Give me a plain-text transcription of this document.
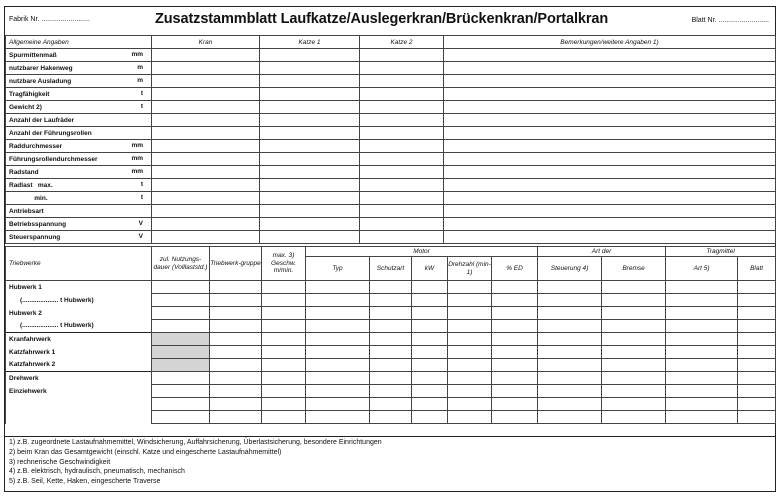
Fabrik Nr. .........................	Zusatzstammblatt Laufkatze/Auslegerkran/Brückenkran/Portalkran	Blatt Nr. ..........................
Allgemeine Angaben	Kran	Katze 1	Katze 2	Bemerkungen/weitere Angaben 1)
Spurmittenmaß mm				

nutzbarer Hakenweg m				

nutzbare Ausladung m				

Tragfähigkeit t				

Gewicht 2) t				

Anzahl der Laufräder

Anzahl der Führungsrollen

Raddurchmesser mm				

Führungsrollendurchmesser mm				

Radstand mm				

Radlast   max. t				

min. t				

Antriebsart

Betriebsspannung V				

Steuerspannung V				

Triebwerke	zul. Nutzungs-dauer (Volllaststd.)	Triebwerk-gruppe	max. 3) Geschw. m/min.	Motor					Art der		Tragmittel	
				Typ	Schutzart	kW	Drehzahl (min-1)	% ED	Steuerung 4)	Bremse	Art 5)	Blatt
Hubwerk 1												
(.................... t Hubwerk)												
Hubwerk 2												
(.................... t Hubwerk)												
Kranfahrwerk												
Katzfahrwerk 1												
Katzfahrwerk 2												
Drehwerk												
Einziehwerk												

1) z.B. zugeordnete Lastaufnahmemittel, Windsicherung, Auffahrsicherung, Überlastsicherung, besondere Einrichtungen
2) beim Kran das Gesamtgewicht (einschl. Katze und eingescherte Lastaufnahmemittel)
3) rechnerische Geschwindigkeit
4) z.B. elektrisch, hydraulisch, pneumatisch, mechanisch
5) z.B. Seil, Kette, Haken, eingescherte Traverse
